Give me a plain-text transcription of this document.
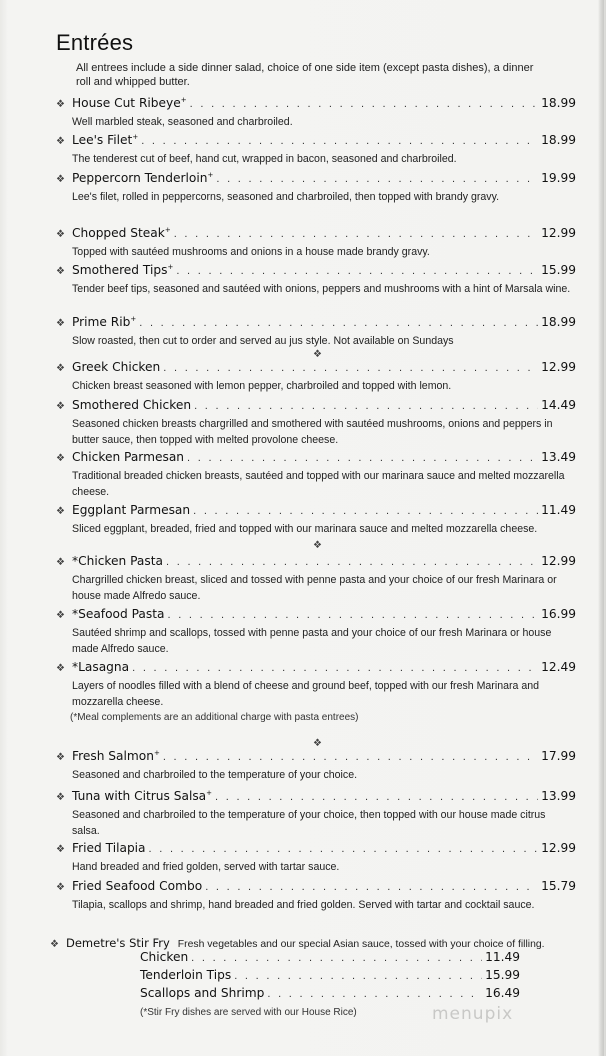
Entrées
All entrees include a side dinner salad, choice of one side item (except pasta dishes), a dinner roll and whipped butter.
❖ House Cut Ribeye+ . . .	18.99
Well marbled steak, seasoned and charbroiled.
❖ Lee's Filet+ . . .	18.99
The tenderest cut of beef, hand cut, wrapped in bacon, seasoned and charbroiled.
❖ Peppercorn Tenderloin+ . . .	19.99
Lee's filet, rolled in peppercorns, seasoned and charbroiled, then topped with brandy gravy.
❖ Chopped Steak+ . . .	12.99
Topped with sautéed mushrooms and onions in a house made brandy gravy.
❖ Smothered Tips+ . . .	15.99
Tender beef tips, seasoned and sautéed with onions, peppers and mushrooms with a hint of Marsala wine.
❖ Prime Rib+ . . .	18.99
Slow roasted, then cut to order and served au jus style. Not available on Sundays
❖ Greek Chicken . . .	12.99
Chicken breast seasoned with lemon pepper, charbroiled and topped with lemon.
❖ Smothered Chicken . . .	14.49
Seasoned chicken breasts chargrilled and smothered with sautéed mushrooms, onions and peppers in butter sauce, then topped with melted provolone cheese.
❖ Chicken Parmesan . . .	13.49
Traditional breaded chicken breasts, sautéed and topped with our marinara sauce and melted mozzarella cheese.
❖ Eggplant Parmesan . . .	11.49
Sliced eggplant, breaded, fried and topped with our marinara sauce and melted mozzarella cheese.
❖ *Chicken Pasta . . .	12.99
Chargrilled chicken breast, sliced and tossed with penne pasta and your choice of our fresh Marinara or house made Alfredo sauce.
❖ *Seafood Pasta . . .	16.99
Sautéed shrimp and scallops, tossed with penne pasta and your choice of our fresh Marinara or house made Alfredo sauce.
❖ *Lasagna . . .	12.49
Layers of noodles filled with a blend of cheese and ground beef, topped with our fresh Marinara and mozzarella cheese.
❖ Fresh Salmon+ . . .	17.99
Seasoned and charbroiled to the temperature of your choice.
❖ Tuna with Citrus Salsa+ . . .	13.99
Seasoned and charbroiled to the temperature of your choice, then topped with our house made citrus salsa.
❖ Fried Tilapia . . .	12.99
Hand breaded and fried golden, served with tartar sauce.
❖ Fried Seafood Combo . . .	15.79
Tilapia, scallops and shrimp, hand breaded and fried golden. Served with tartar and cocktail sauce.
❖
❖
❖
(*Meal complements are an additional charge with pasta entrees)
❖ Demetre's Stir Fry Fresh vegetables and our special Asian sauce, tossed with your choice of filling.
Chicken . . .	11.49
Tenderloin Tips . . .	15.99
Scallops and Shrimp . . .	16.49
(*Stir Fry dishes are served with our House Rice)	menupix
